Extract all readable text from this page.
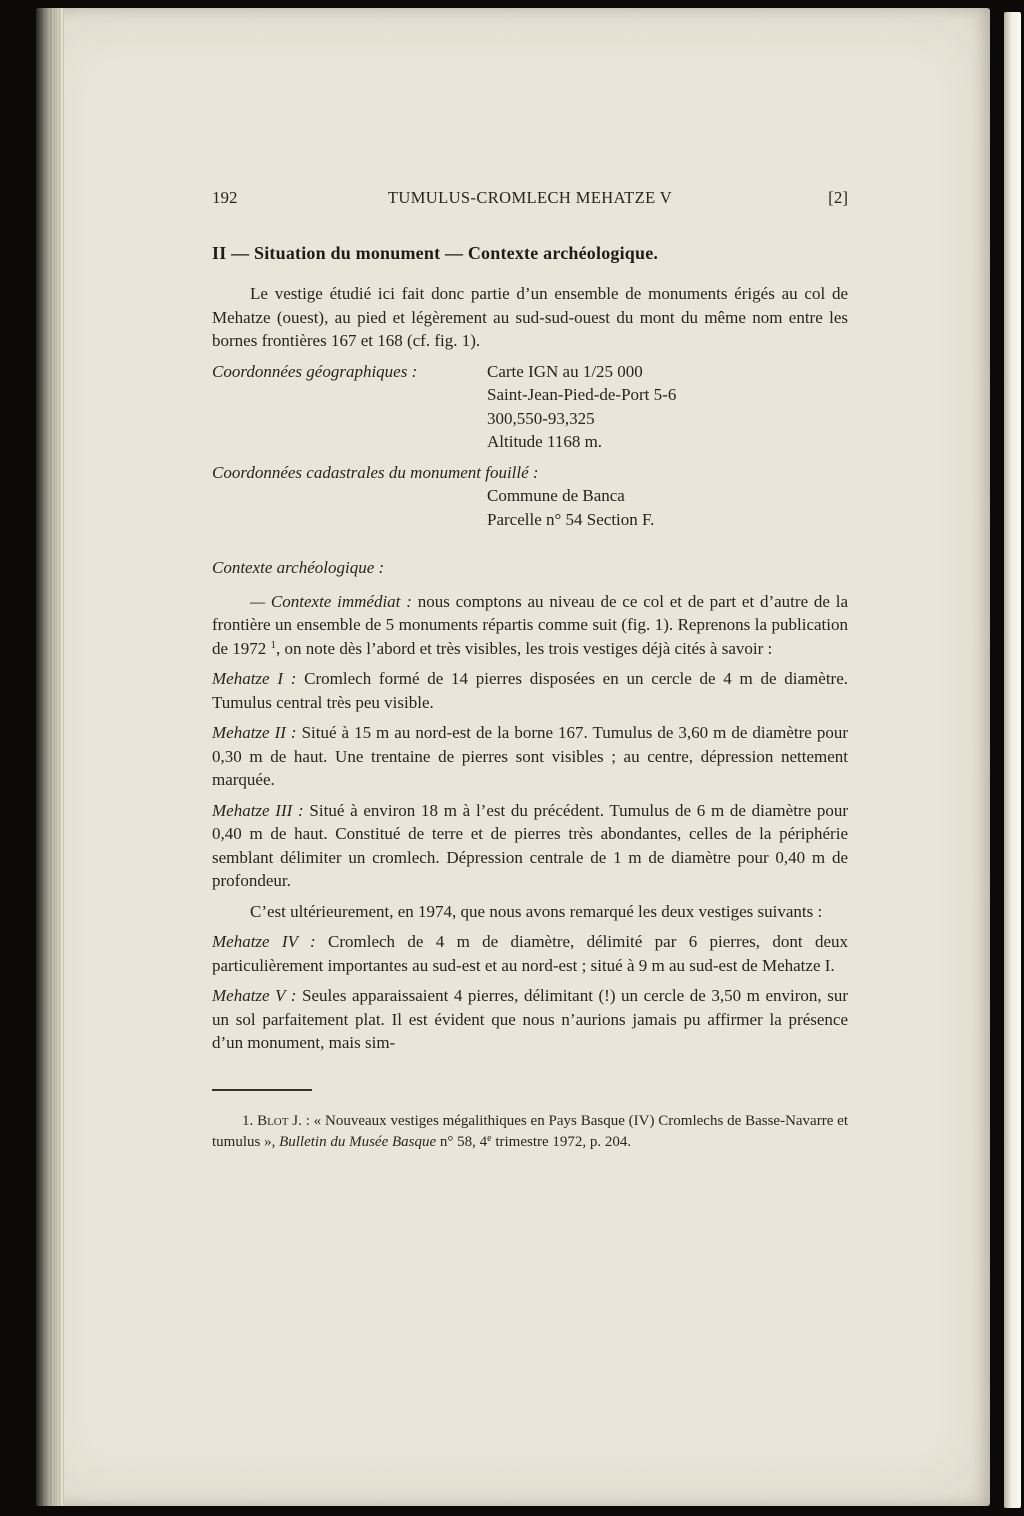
192	TUMULUS-CROMLECH MEHATZE V	[2]
II — Situation du monument — Contexte archéologique.

Le vestige étudié ici fait donc partie d’un ensemble de monuments érigés au col de Mehatze (ouest), au pied et légèrement au sud-sud-ouest du mont du même nom entre les bornes frontières 167 et 168 (cf. fig. 1).

Coordonnées géographiques :	Carte IGN au 1/25 000
Saint-Jean-Pied-de-Port 5-6
300,550-93,325
Altitude 1168 m.
Coordonnées cadastrales du monument fouillé :
Commune de Banca
Parcelle n° 54 Section F.
Contexte archéologique :

— Contexte immédiat : nous comptons au niveau de ce col et de part et d’autre de la frontière un ensemble de 5 monuments répartis comme suit (fig. 1). Reprenons la publication de 1972 $^1$, on note dès l’abord et très visibles, les trois vestiges déjà cités à savoir :

Mehatze I : Cromlech formé de 14 pierres disposées en un cercle de 4 m de diamètre. Tumulus central très peu visible.

Mehatze II : Situé à 15 m au nord-est de la borne 167. Tumulus de 3,60 m de diamètre pour 0,30 m de haut. Une trentaine de pierres sont visibles ; au centre, dépression nettement marquée.

Mehatze III : Situé à environ 18 m à l’est du précédent. Tumulus de 6 m de diamètre pour 0,40 m de haut. Constitué de terre et de pierres très abondantes, celles de la périphérie semblant délimiter un cromlech. Dépression centrale de 1 m de diamètre pour 0,40 m de profondeur.

C’est ultérieurement, en 1974, que nous avons remarqué les deux vestiges suivants :

Mehatze IV : Cromlech de 4 m de diamètre, délimité par 6 pierres, dont deux particulièrement importantes au sud-est et au nord-est ; situé à 9 m au sud-est de Mehatze I.

Mehatze V : Seules apparaissaient 4 pierres, délimitant (!) un cercle de 3,50 m environ, sur un sol parfaitement plat. Il est évident que nous n’aurions jamais pu affirmer la présence d’un monument, mais sim-

1. Blot J. : « Nouveaux vestiges mégalithiques en Pays Basque (IV) Cromlechs de Basse-Navarre et tumulus », Bulletin du Musée Basque n° 58, 4e trimestre 1972, p. 204.
